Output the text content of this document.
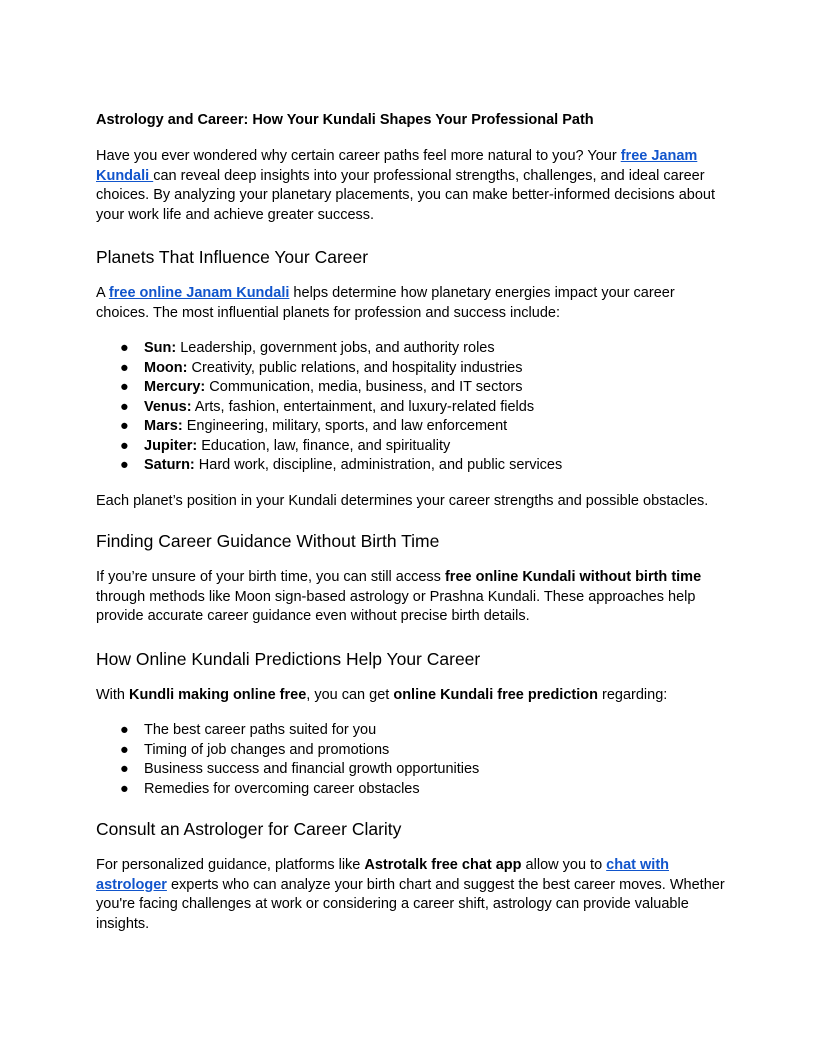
Astrology and Career: How Your Kundali Shapes Your Professional Path

Have you ever wondered why certain career paths feel more natural to you? Your free Janam Kundali can reveal deep insights into your professional strengths, challenges, and ideal career choices. By analyzing your planetary placements, you can make better-informed decisions about your work life and achieve greater success.

Planets That Influence Your Career

A free online Janam Kundali helps determine how planetary energies impact your career choices. The most influential planets for profession and success include:

● Sun: Leadership, government jobs, and authority roles
● Moon: Creativity, public relations, and hospitality industries
● Mercury: Communication, media, business, and IT sectors
● Venus: Arts, fashion, entertainment, and luxury-related fields
● Mars: Engineering, military, sports, and law enforcement
● Jupiter: Education, law, finance, and spirituality
● Saturn: Hard work, discipline, administration, and public services

Each planet’s position in your Kundali determines your career strengths and possible obstacles.

Finding Career Guidance Without Birth Time

If you’re unsure of your birth time, you can still access free online Kundali without birth time through methods like Moon sign-based astrology or Prashna Kundali. These approaches help provide accurate career guidance even without precise birth details.

How Online Kundali Predictions Help Your Career

With Kundli making online free, you can get online Kundali free prediction regarding:

● The best career paths suited for you
● Timing of job changes and promotions
● Business success and financial growth opportunities
● Remedies for overcoming career obstacles
Consult an Astrologer for Career Clarity

For personalized guidance, platforms like Astrotalk free chat app allow you to chat with astrologer experts who can analyze your birth chart and suggest the best career moves. Whether you're facing challenges at work or considering a career shift, astrology can provide valuable insights.
